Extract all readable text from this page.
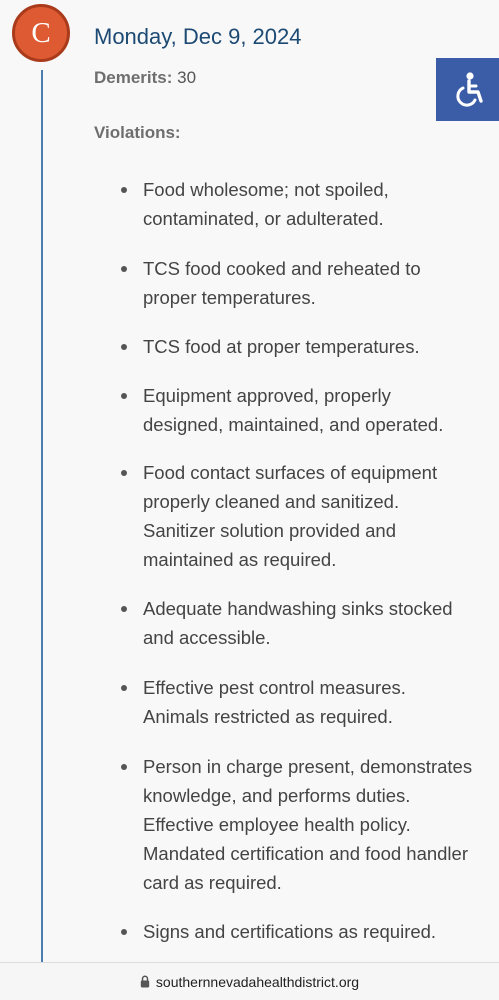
C	Monday, Dec 9, 2024
Demerits: 30
Violations:
Food wholesome; not spoiled, contaminated, or adulterated.
TCS food cooked and reheated to proper temperatures.
TCS food at proper temperatures.
Equipment approved, properly designed, maintained, and operated.
Food contact surfaces of equipment properly cleaned and sanitized. Sanitizer solution provided and maintained as required.
Adequate handwashing sinks stocked and accessible.
Effective pest control measures. Animals restricted as required.
Person in charge present, demonstrates knowledge, and performs duties. Effective employee health policy. Mandated certification and food handler card as required.
Signs and certifications as required.
southernnevadahealthdistrict.org
